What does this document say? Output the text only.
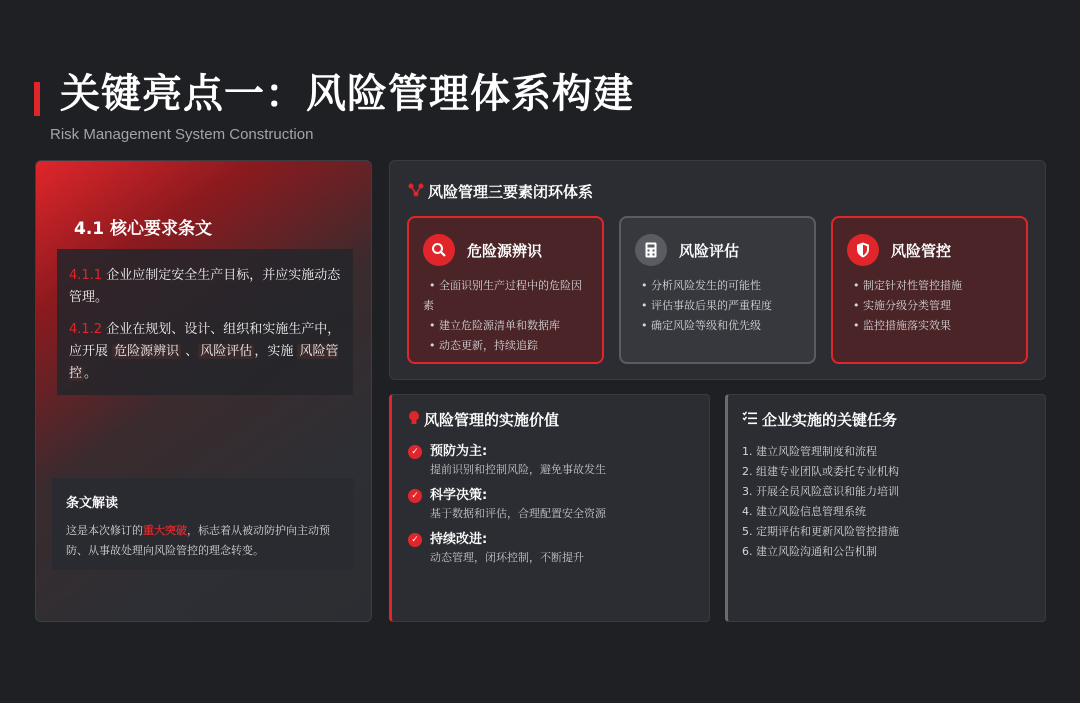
关键亮点一：风险管理体系构建
Risk Management System Construction
4.1 核心要求条文

4.1.1 企业应制定安全生产目标，并应实施动态管理。

4.1.2 企业在规划、设计、组织和实施生产中，应开展 危险源辨识 、 风险评估 ，实施 风险管控 。

条文解读
这是本次修订的重大突破，标志着从被动防护向主动预防、从事故处理向风险管控的理念转变。
风险管理三要素闭环体系
危险源辨识
• 全面识别生产过程中的危险因素
• 建立危险源清单和数据库
• 动态更新，持续追踪
风险评估
• 分析风险发生的可能性
• 评估事故后果的严重程度
• 确定风险等级和优先级
风险管控
• 制定针对性管控措施
• 实施分级分类管理
• 监控措施落实效果
风险管理的实施价值
✓ 预防为主:
提前识别和控制风险，避免事故发生
✓ 科学决策:
基于数据和评估，合理配置安全资源
✓ 持续改进:
动态管理，闭环控制，不断提升
企业实施的关键任务
1. 建立风险管理制度和流程
2. 组建专业团队或委托专业机构
3. 开展全员风险意识和能力培训
4. 建立风险信息管理系统
5. 定期评估和更新风险管控措施
6. 建立风险沟通和公告机制
